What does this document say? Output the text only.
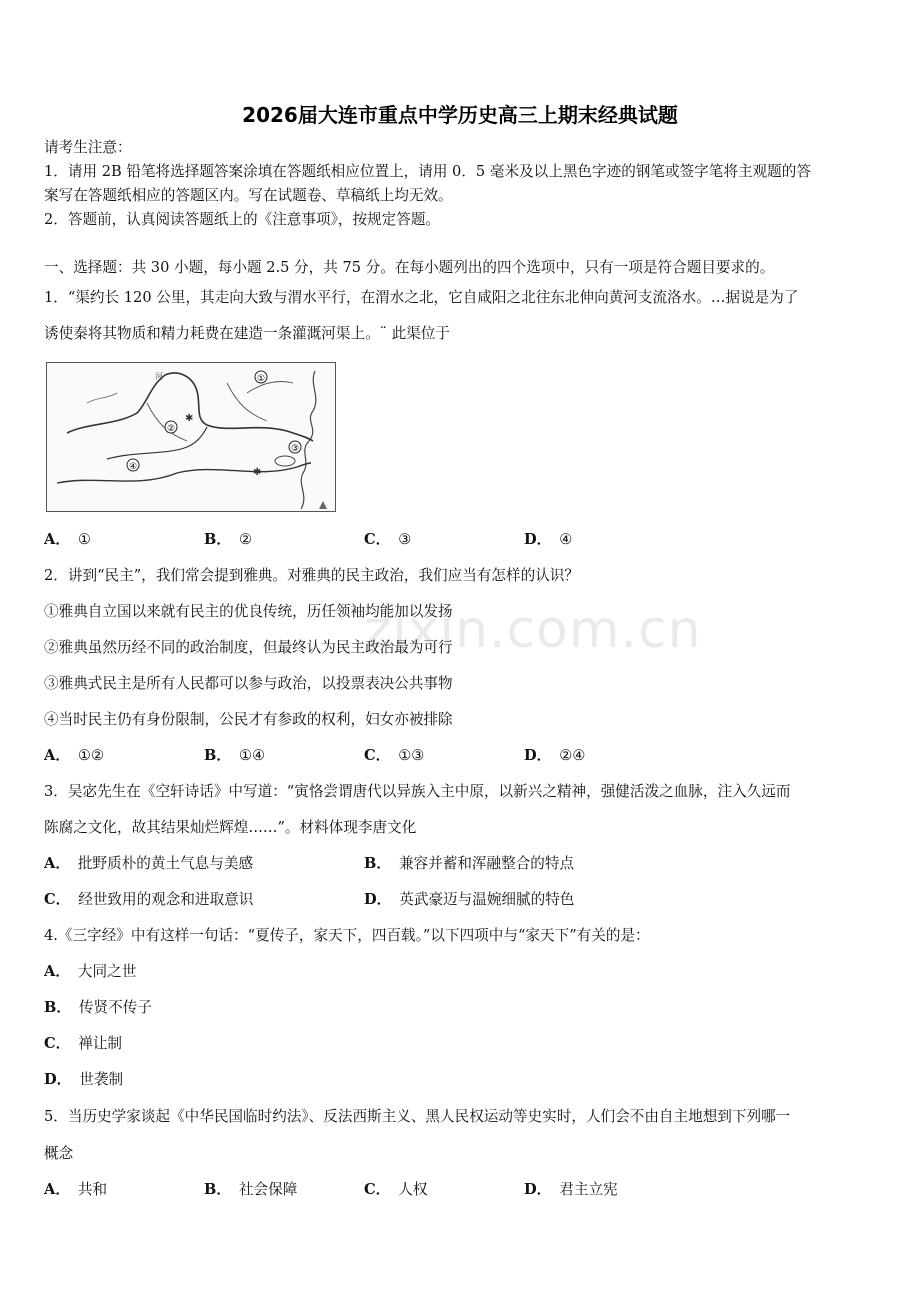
2026届大连市重点中学历史高三上期末经典试题
请考生注意：
1．请用 2B 铅笔将选择题答案涂填在答题纸相应位置上，请用 0．5 毫米及以上黑色字迹的钢笔或签字笔将主观题的答
案写在答题纸相应的答题区内。写在试题卷、草稿纸上均无效。
2．答题前，认真阅读答题纸上的《注意事项》，按规定答题。
一、选择题：共 30 小题，每小题 2.5 分，共 75 分。在每小题列出的四个选项中，只有一项是符合题目要求的。
1．“渠约长 120 公里，其走向大致与渭水平行，在渭水之北，它自咸阳之北往东北伸向黄河支流洛水。…据说是为了
诱使秦将其物质和精力耗费在建造一条灌溉河渠上。¨ 此渠位于
①
②
③
④
河
✱
✱
A． ①	B． ②	C． ③	D． ④
2．讲到“民主”，我们常会提到雅典。对雅典的民主政治，我们应当有怎样的认识？
①雅典自立国以来就有民主的优良传统，历任领袖均能加以发扬
②雅典虽然历经不同的政治制度，但最终认为民主政治最为可行
③雅典式民主是所有人民都可以参与政治，以投票表决公共事物
④当时民主仍有身份限制，公民才有参政的权利，妇女亦被排除
A． ①②	B． ①④	C． ①③	D． ②④
3．吴宓先生在《空轩诗话》中写道：“寅恪尝谓唐代以异族入主中原，以新兴之精神，强健活泼之血脉，注入久远而
陈腐之文化，故其结果灿烂辉煌……”。材料体现李唐文化
A． 批野质朴的黄土气息与美感	B． 兼容并蓄和浑融整合的特点
C． 经世致用的观念和进取意识	D． 英武豪迈与温婉细腻的特色
4.《三字经》中有这样一句话：“夏传子，家天下，四百载。”以下四项中与“家天下”有关的是：
A． 大同之世
B． 传贤不传子
C． 禅让制
D． 世袭制
5．当历史学家谈起《中华民国临时约法》、反法西斯主义、黑人民权运动等史实时，人们会不由自主地想到下列哪一
概念
A． 共和	B． 社会保障	C． 人权	D． 君主立宪
zixin.com.cn
